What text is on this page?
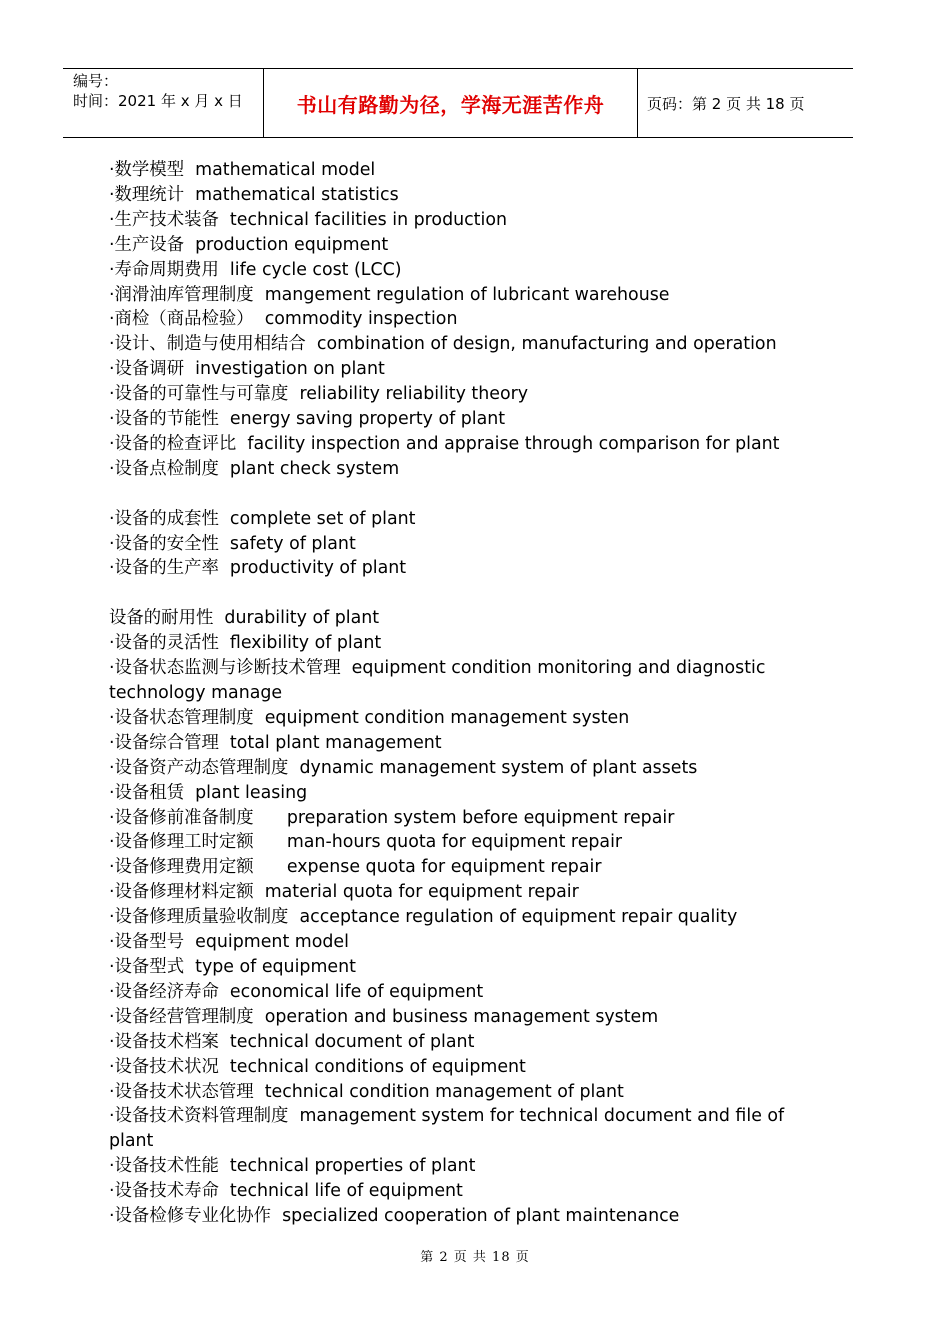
编号：
时间：2021 年 x 月 x 日	书山有路勤为径，学海无涯苦作舟	页码：第 2 页 共 18 页
·数学模型  mathematical model
·数理统计  mathematical statistics
·生产技术装备  technical facilities in production
·生产设备  production equipment
·寿命周期费用  life cycle cost (LCC)
·润滑油库管理制度  mangement regulation of lubricant warehouse
·商检（商品检验）  commodity inspection
·设计、制造与使用相结合  combination of design, manufacturing and operation
·设备调研  investigation on plant
·设备的可靠性与可靠度  reliability reliability theory
·设备的节能性  energy saving property of plant
·设备的检查评比  facility inspection and appraise through comparison for plant
·设备点检制度  plant check system
·设备的成套性  complete set of plant
·设备的安全性  safety of plant
·设备的生产率  productivity of plant
设备的耐用性  durability of plant
·设备的灵活性  flexibility of plant
·设备状态监测与诊断技术管理  equipment condition monitoring and diagnostic
technology manage
·设备状态管理制度  equipment condition management systen
·设备综合管理  total plant management
·设备资产动态管理制度  dynamic management system of plant assets
·设备租赁  plant leasing
·设备修前准备制度      preparation system before equipment repair
·设备修理工时定额      man-hours quota for equipment repair
·设备修理费用定额      expense quota for equipment repair
·设备修理材料定额  material quota for equipment repair
·设备修理质量验收制度  acceptance regulation of equipment repair quality
·设备型号  equipment model
·设备型式  type of equipment
·设备经济寿命  economical life of equipment
·设备经营管理制度  operation and business management system
·设备技术档案  technical document of plant
·设备技术状况  technical conditions of equipment
·设备技术状态管理  technical condition management of plant
·设备技术资料管理制度  management system for technical document and file of
plant
·设备技术性能  technical properties of plant
·设备技术寿命  technical life of equipment
·设备检修专业化协作  specialized cooperation of plant maintenance
第 2 页 共 18 页
